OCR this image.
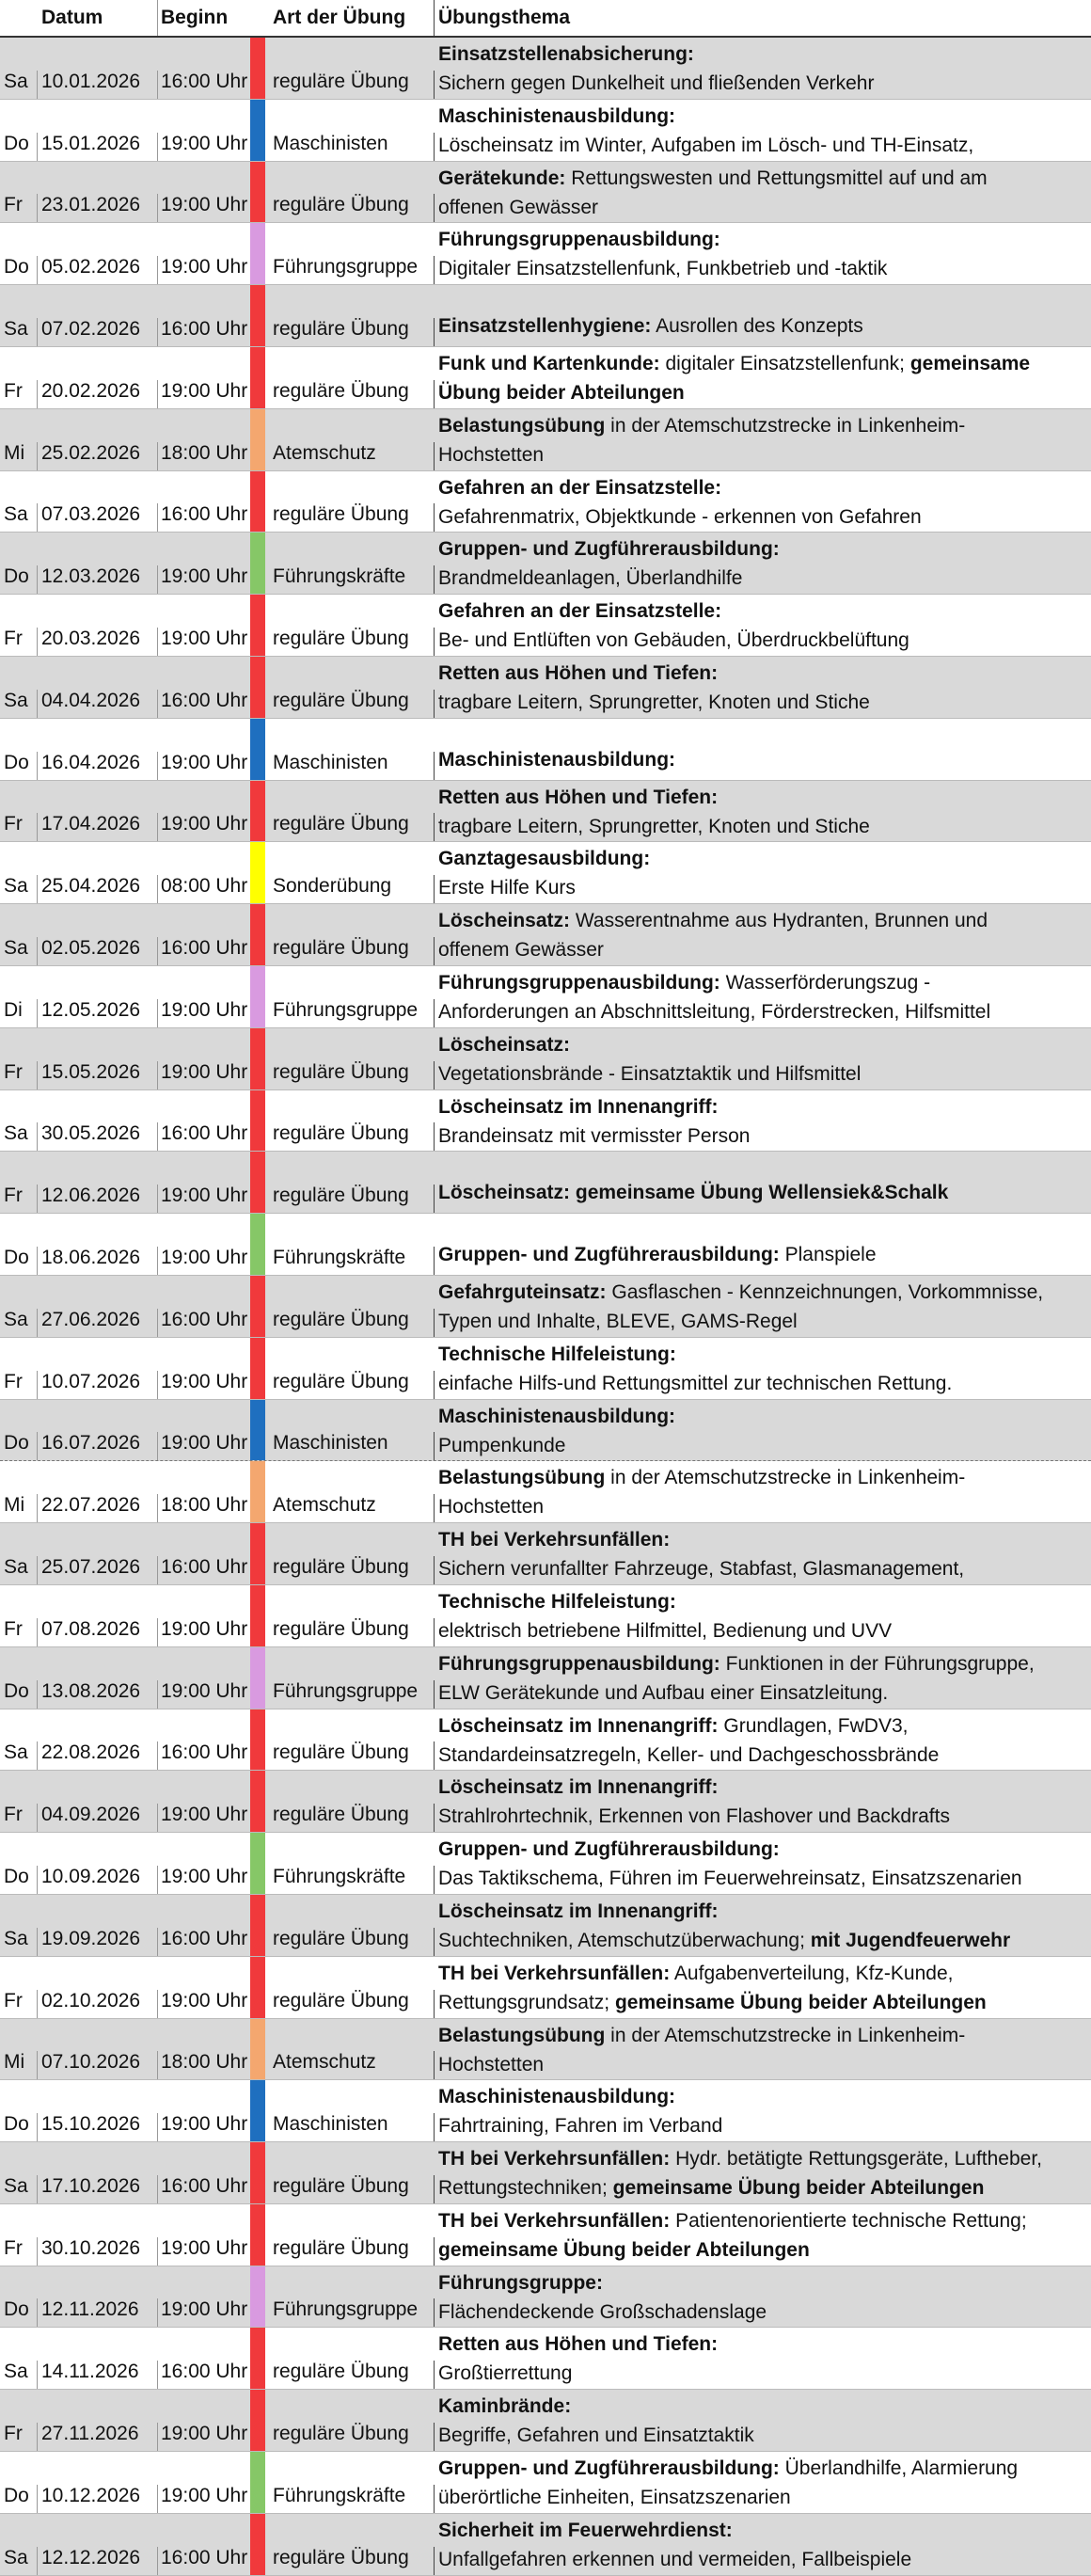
Datum	Beginn	Art der Übung	Übungsthema
Sa 10.01.2026	16:00 Uhr	reguläre Übung
Einsatzstellenabsicherung:
Sichern gegen Dunkelheit und fließenden Verkehr
Do 15.01.2026	19:00 Uhr	Maschinisten
Maschinistenausbildung:
Löscheinsatz im Winter, Aufgaben im Lösch- und TH-Einsatz,
Fr 23.01.2026	19:00 Uhr	reguläre Übung
Gerätekunde: Rettungswesten und Rettungsmittel auf und am
offenen Gewässer
Do 05.02.2026	19:00 Uhr	Führungsgruppe
Führungsgruppenausbildung:
Digitaler Einsatzstellenfunk, Funkbetrieb und -taktik
Sa 07.02.2026	16:00 Uhr	reguläre Übung	Einsatzstellenhygiene: Ausrollen des Konzepts
Fr 20.02.2026	19:00 Uhr	reguläre Übung
Funk und Kartenkunde: digitaler Einsatzstellenfunk; gemeinsame
Übung beider Abteilungen
Mi 25.02.2026	18:00 Uhr	Atemschutz
Belastungsübung in der Atemschutzstrecke in Linkenheim-
Hochstetten
Sa 07.03.2026	16:00 Uhr	reguläre Übung
Gefahren an der Einsatzstelle:
Gefahrenmatrix, Objektkunde - erkennen von Gefahren
Do 12.03.2026	19:00 Uhr	Führungskräfte
Gruppen- und Zugführerausbildung:
Brandmeldeanlagen, Überlandhilfe
Fr 20.03.2026	19:00 Uhr	reguläre Übung
Gefahren an der Einsatzstelle:
Be- und Entlüften von Gebäuden, Überdruckbelüftung
Sa 04.04.2026	16:00 Uhr	reguläre Übung
Retten aus Höhen und Tiefen:
tragbare Leitern, Sprungretter, Knoten und Stiche
Do 16.04.2026	19:00 Uhr	Maschinisten	Maschinistenausbildung:
Fr 17.04.2026	19:00 Uhr	reguläre Übung
Retten aus Höhen und Tiefen:
tragbare Leitern, Sprungretter, Knoten und Stiche
Sa 25.04.2026	08:00 Uhr	Sonderübung
Ganztagesausbildung:
Erste Hilfe Kurs
Sa 02.05.2026	16:00 Uhr	reguläre Übung
Löscheinsatz: Wasserentnahme aus Hydranten, Brunnen und
offenem Gewässer
Di 12.05.2026	19:00 Uhr	Führungsgruppe
Führungsgruppenausbildung: Wasserförderungszug -
Anforderungen an Abschnittsleitung, Förderstrecken, Hilfsmittel
Fr 15.05.2026	19:00 Uhr	reguläre Übung
Löscheinsatz:
Vegetationsbrände - Einsatztaktik und Hilfsmittel
Sa 30.05.2026	16:00 Uhr	reguläre Übung
Löscheinsatz im Innenangriff:
Brandeinsatz mit vermisster Person
Fr 12.06.2026	19:00 Uhr	reguläre Übung	Löscheinsatz: gemeinsame Übung Wellensiek&Schalk
Do 18.06.2026	19:00 Uhr	Führungskräfte	Gruppen- und Zugführerausbildung: Planspiele
Sa 27.06.2026	16:00 Uhr	reguläre Übung
Gefahrguteinsatz: Gasflaschen - Kennzeichnungen, Vorkommnisse,
Typen und Inhalte, BLEVE, GAMS-Regel
Fr 10.07.2026	19:00 Uhr	reguläre Übung
Technische Hilfeleistung:
einfache Hilfs-und Rettungsmittel zur technischen Rettung.
Do 16.07.2026	19:00 Uhr	Maschinisten
Maschinistenausbildung:
Pumpenkunde
Mi 22.07.2026	18:00 Uhr	Atemschutz
Belastungsübung in der Atemschutzstrecke in Linkenheim-
Hochstetten
Sa 25.07.2026	16:00 Uhr	reguläre Übung
TH bei Verkehrsunfällen:
Sichern verunfallter Fahrzeuge, Stabfast, Glasmanagement,
Fr 07.08.2026	19:00 Uhr	reguläre Übung
Technische Hilfeleistung:
elektrisch betriebene Hilfmittel, Bedienung und UVV
Do 13.08.2026	19:00 Uhr	Führungsgruppe
Führungsgruppenausbildung: Funktionen in der Führungsgruppe,
ELW Gerätekunde und Aufbau einer Einsatzleitung.
Sa 22.08.2026	16:00 Uhr	reguläre Übung
Löscheinsatz im Innenangriff: Grundlagen, FwDV3,
Standardeinsatzregeln, Keller- und Dachgeschossbrände
Fr 04.09.2026	19:00 Uhr	reguläre Übung
Löscheinsatz im Innenangriff:
Strahlrohrtechnik, Erkennen von Flashover und Backdrafts
Do 10.09.2026	19:00 Uhr	Führungskräfte
Gruppen- und Zugführerausbildung:
Das Taktikschema, Führen im Feuerwehreinsatz, Einsatzszenarien
Sa 19.09.2026	16:00 Uhr	reguläre Übung
Löscheinsatz im Innenangriff:
Suchtechniken, Atemschutzüberwachung; mit Jugendfeuerwehr
Fr 02.10.2026	19:00 Uhr	reguläre Übung
TH bei Verkehrsunfällen: Aufgabenverteilung, Kfz-Kunde,
Rettungsgrundsatz; gemeinsame Übung beider Abteilungen
Mi 07.10.2026	18:00 Uhr	Atemschutz
Belastungsübung in der Atemschutzstrecke in Linkenheim-
Hochstetten
Do 15.10.2026	19:00 Uhr	Maschinisten
Maschinistenausbildung:
Fahrtraining, Fahren im Verband
Sa 17.10.2026	16:00 Uhr	reguläre Übung
TH bei Verkehrsunfällen: Hydr. betätigte Rettungsgeräte, Luftheber,
Rettungstechniken; gemeinsame Übung beider Abteilungen
Fr 30.10.2026	19:00 Uhr	reguläre Übung
TH bei Verkehrsunfällen: Patientenorientierte technische Rettung;
gemeinsame Übung beider Abteilungen
Do 12.11.2026	19:00 Uhr	Führungsgruppe
Führungsgruppe:
Flächendeckende Großschadenslage
Sa 14.11.2026	16:00 Uhr	reguläre Übung
Retten aus Höhen und Tiefen:
Großtierrettung
Fr 27.11.2026	19:00 Uhr	reguläre Übung
Kaminbrände:
Begriffe, Gefahren und Einsatztaktik
Do 10.12.2026	19:00 Uhr	Führungskräfte
Gruppen- und Zugführerausbildung: Überlandhilfe, Alarmierung
überörtliche Einheiten, Einsatzszenarien
Sa 12.12.2026	16:00 Uhr	reguläre Übung
Sicherheit im Feuerwehrdienst:
Unfallgefahren erkennen und vermeiden, Fallbeispiele
